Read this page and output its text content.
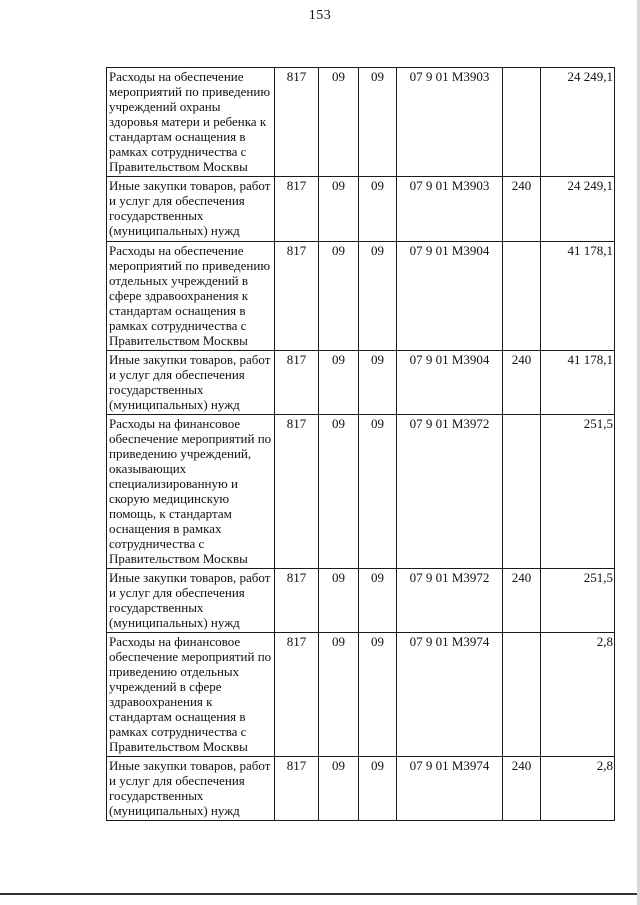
153
Расходы на обеспечение мероприятий по приведению учреждений охраны здоровья матери и ребенка к стандартам оснащения в рамках сотрудничества с Правительством Москвы	817	09	09	07 9 01 М3903		24 249,1
Иные закупки товаров, работ и услуг для обеспечения государственных (муниципальных) нужд	817	09	09	07 9 01 М3903	240	24 249,1
Расходы на обеспечение мероприятий по приведению отдельных учреждений в сфере здравоохранения к стандартам оснащения в рамках сотрудничества с Правительством Москвы	817	09	09	07 9 01 М3904		41 178,1
Иные закупки товаров, работ и услуг для обеспечения государственных (муниципальных) нужд	817	09	09	07 9 01 М3904	240	41 178,1
Расходы на финансовое обеспечение мероприятий по приведению учреждений, оказывающих специализированную и скорую медицинскую помощь, к стандартам оснащения в рамках сотрудничества с Правительством Москвы	817	09	09	07 9 01 М3972		251,5
Иные закупки товаров, работ и услуг для обеспечения государственных (муниципальных) нужд	817	09	09	07 9 01 М3972	240	251,5
Расходы на финансовое обеспечение мероприятий по приведению отдельных учреждений в сфере здравоохранения к стандартам оснащения в рамках сотрудничества с Правительством Москвы	817	09	09	07 9 01 М3974		2,8
Иные закупки товаров, работ и услуг для обеспечения государственных (муниципальных) нужд	817	09	09	07 9 01 М3974	240	2,8
